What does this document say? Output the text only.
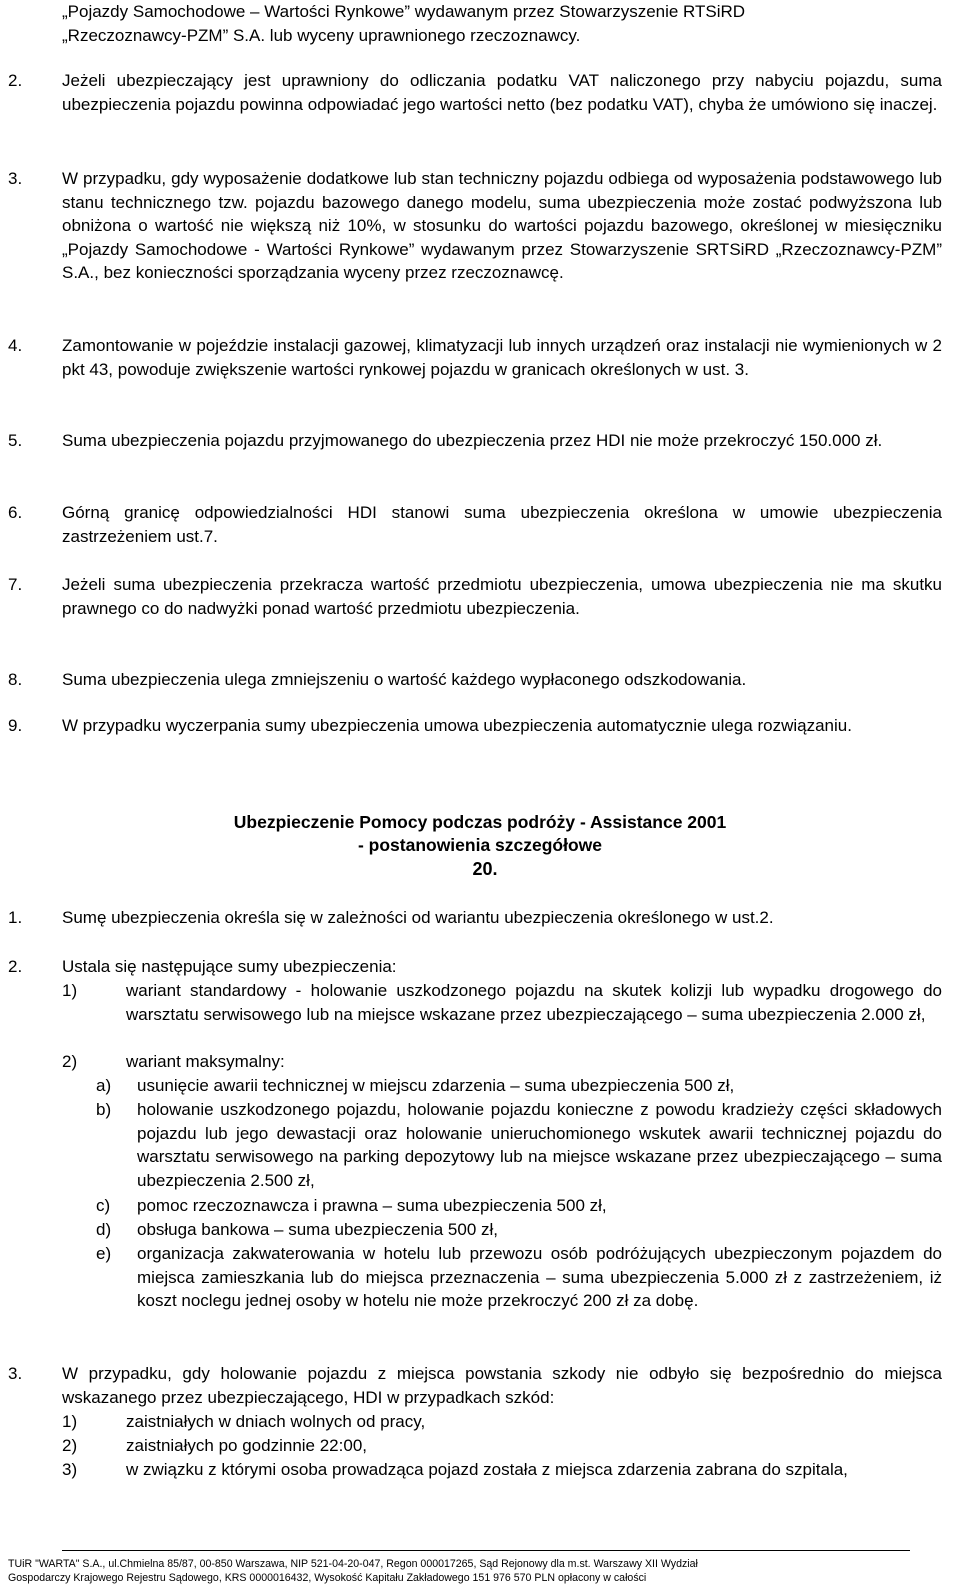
„Pojazdy Samochodowe – Wartości Rynkowe” wydawanym przez Stowarzyszenie RTSiRD
„Rzeczoznawcy-PZM” S.A. lub wyceny uprawnionego rzeczoznawcy.
2. Jeżeli ubezpieczający jest uprawniony do odliczania podatku VAT naliczonego przy nabyciu pojazdu, suma ubezpieczenia pojazdu powinna odpowiadać jego wartości netto (bez podatku VAT), chyba że umówiono się inaczej.
3. W przypadku, gdy wyposażenie dodatkowe lub stan techniczny pojazdu odbiega od wyposażenia podstawowego lub stanu technicznego tzw. pojazdu bazowego danego modelu, suma ubezpieczenia może zostać podwyższona lub obniżona o wartość nie większą niż 10%, w stosunku do wartości pojazdu bazowego, określonej w miesięczniku „Pojazdy Samochodowe - Wartości Rynkowe” wydawanym przez Stowarzyszenie SRTSiRD „Rzeczoznawcy-PZM” S.A., bez konieczności sporządzania wyceny przez rzeczoznawcę.
4. Zamontowanie w pojeździe instalacji gazowej, klimatyzacji lub innych urządzeń oraz instalacji nie wymienionych w 2 pkt 43, powoduje zwiększenie wartości rynkowej pojazdu w granicach określonych w ust. 3.
5. Suma ubezpieczenia pojazdu przyjmowanego do ubezpieczenia przez HDI nie może przekroczyć 150.000 zł.
6. Górną granicę odpowiedzialności HDI stanowi suma ubezpieczenia określona w umowie ubezpieczenia zastrzeżeniem ust.7.
7. Jeżeli suma ubezpieczenia przekracza wartość przedmiotu ubezpieczenia, umowa ubezpieczenia nie ma skutku prawnego co do nadwyżki ponad wartość przedmiotu ubezpieczenia.
8. Suma ubezpieczenia ulega zmniejszeniu o wartość każdego wypłaconego odszkodowania.
9. W przypadku wyczerpania sumy ubezpieczenia umowa ubezpieczenia automatycznie ulega rozwiązaniu.
Ubezpieczenie Pomocy podczas podróży - Assistance 2001
- postanowienia szczegółowe
20.
1. Sumę ubezpieczenia określa się w zależności od wariantu ubezpieczenia określonego w ust.2.
2. Ustala się następujące sumy ubezpieczenia:
1)	wariant standardowy - holowanie uszkodzonego pojazdu na skutek kolizji lub wypadku drogowego do warsztatu serwisowego lub na miejsce wskazane przez ubezpieczającego – suma ubezpieczenia 2.000 zł,
2)	wariant maksymalny:
a) usunięcie awarii technicznej w miejscu zdarzenia – suma ubezpieczenia 500 zł,
b) holowanie uszkodzonego pojazdu, holowanie pojazdu konieczne z powodu kradzieży części składowych pojazdu lub jego dewastacji oraz holowanie unieruchomionego wskutek awarii technicznej pojazdu do warsztatu serwisowego na parking depozytowy lub na miejsce wskazane przez ubezpieczającego – suma ubezpieczenia 2.500 zł,
c) pomoc rzeczoznawcza i prawna – suma ubezpieczenia 500 zł,
d) obsługa bankowa – suma ubezpieczenia 500 zł,
e) organizacja zakwaterowania w hotelu lub przewozu osób podróżujących ubezpieczonym pojazdem do miejsca zamieszkania lub do miejsca przeznaczenia – suma ubezpieczenia 5.000 zł z zastrzeżeniem, iż koszt noclegu jednej osoby w hotelu nie może przekroczyć 200 zł za dobę.
3. W przypadku, gdy holowanie pojazdu z miejsca powstania szkody nie odbyło się bezpośrednio do miejsca wskazanego przez ubezpieczającego, HDI w przypadkach szkód:
1)	zaistniałych w dniach wolnych od pracy,
2)	zaistniałych po godzinnie 22:00,
3)	w związku z którymi osoba prowadząca pojazd została z miejsca zdarzenia zabrana do szpitala,
TUiR "WARTA" S.A., ul.Chmielna 85/87, 00-850 Warszawa, NIP 521-04-20-047, Regon 000017265, Sąd Rejonowy dla m.st. Warszawy XII Wydział
Gospodarczy Krajowego Rejestru Sądowego, KRS 0000016432, Wysokość Kapitału Zakładowego 151 976 570 PLN opłacony w całości
